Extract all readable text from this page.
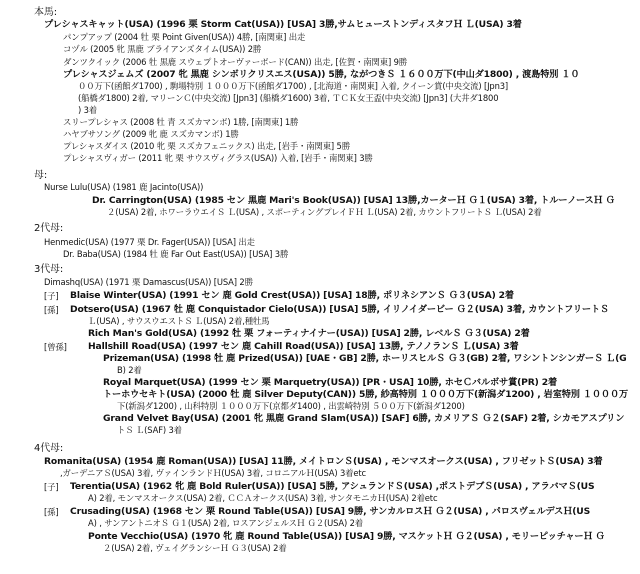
本馬:
プレシャスキャット(USA) (1996 栗 Storm Cat(USA)) [USA] 3勝,サムヒューストンディスタフＨ Ｌ(USA) 3着
パンプアップ (2004 牡 栗 Point Given(USA)) 4勝, [南関東] 出走
コヅル (2005 牝 黒鹿 ブライアンズタイム(USA)) 2勝
ダンツクイック (2006 牡 黒鹿 スウェプトオーヴァーボード(CAN)) 出走, [佐賀・南関東] 9勝
プレシャスジェムズ (2007 牝 黒鹿 シンボリクリスエス(USA)) 5勝, ながつきＳ １６００万下(中山ダ1800) , 渡島特別 １０
００万下(函館ダ1700) , 駒場特別 １０００万下(函館ダ1700) , [北海道・南関東] 入着, クイーン賞(中央交流) [Jpn3]
(船橋ダ1800) 2着, マリーンＣ(中央交流) [Jpn3] (船橋ダ1600) 3着, ＴＣＫ女王盃(中央交流) [Jpn3] (大井ダ1800
) 3着
スリープレシャス (2008 牡 青 スズカマンボ) 1勝, [南関東] 1勝
ハヤブサソング (2009 牝 鹿 スズカマンボ) 1勝
プレシャスダイス (2010 牝 栗 スズカフェニックス) 出走, [岩手・南関東] 5勝
プレシャスヴィガー (2011 牝 栗 サウスヴィグラス(USA)) 入着, [岩手・南関東] 3勝
母:
Nurse Lulu(USA) (1981 鹿 Jacinto(USA))
Dr. Carrington(USA) (1985 セン 黒鹿 Mari's Book(USA)) [USA] 13勝,カーターＨ Ｇ１(USA) 3着, トルーノースＨ Ｇ
２(USA) 2着, ホワーラウエイＳ Ｌ(USA) , スポーティングプレイＦＨ Ｌ(USA) 2着, カウントフリートＳ Ｌ(USA) 2着
2代母:
Henmedic(USA) (1977 栗 Dr. Fager(USA)) [USA] 出走
Dr. Baba(USA) (1984 牡 鹿 Far Out East(USA)) [USA] 3勝
3代母:
Dimashq(USA) (1971 栗 Damascus(USA)) [USA] 2勝
[子] Blaise Winter(USA) (1991 セン 鹿 Gold Crest(USA)) [USA] 18勝, ポリネシアンＳ Ｇ３(USA) 2着
[孫] Dotsero(USA) (1967 牡 鹿 Conquistador Cielo(USA)) [USA] 5勝, イリノイダービー Ｇ２(USA) 3着, カウントフリートＳ
Ｌ(USA) , サウスウエストＳ Ｌ(USA) 2着,種牡馬
Rich Man's Gold(USA) (1992 牡 栗 フォーティナイナー(USA)) [USA] 2勝, レベルＳ Ｇ３(USA) 2着
[曾孫] Hallshill Road(USA) (1997 セン 鹿 Cahill Road(USA)) [USA] 13勝, テノノランＳ Ｌ(USA) 3着
Prizeman(USA) (1998 牡 鹿 Prized(USA)) [UAE・GB] 2勝, ホーリスヒルＳ Ｇ３(GB) 2着, ワシントンシンガーＳ Ｌ(G
B) 2着
Royal Marquet(USA) (1999 セン 栗 Marquetry(USA)) [PR・USA] 10勝, ホセＣバルボサ賞(PR) 2着
トーホウセキト(USA) (2000 牡 鹿 Silver Deputy(CAN)) 5勝, 紗高特別 １０００万下(新潟ダ1200) , 岩室特別 １０００万
下(新潟ダ1200) , 山科特別 １０００万下(京都ダ1400) , 出雲崎特別 ５００万下(新潟ダ1200)
Grand Velvet Bay(USA) (2001 牝 黒鹿 Grand Slam(USA)) [SAF] 6勝, カメリアＳ Ｇ２(SAF) 2着, シカモアスプリン
トＳ Ｌ(SAF) 3着
4代母:
Romanita(USA) (1954 鹿 Roman(USA)) [USA] 11勝, メイトロンＳ(USA) , モンマスオークス(USA) , フリゼットＳ(USA) 3着
,ガーデニアＳ(USA) 3着, ヴァインランドＨ(USA) 3着, コロニアルＨ(USA) 3着etc
[子] Terentia(USA) (1962 牝 鹿 Bold Ruler(USA)) [USA] 5勝, アシュランドＳ(USA) ,ポストデブＳ(USA) , アラバマＳ(US
A) 2着, モンマスオークス(USA) 2着, ＣＣＡオークス(USA) 3着, サンタモニカＨ(USA) 2着etc
[孫] Crusading(USA) (1968 セン 栗 Round Table(USA)) [USA] 9勝, サンカルロスＨ Ｇ２(USA) , パロスヴェルデスＨ(US
A) , サンアントニオＳ Ｇ１(USA) 2着, ロスアンジェルスＨ Ｇ２(USA) 2着
Ponte Vecchio(USA) (1970 牝 鹿 Round Table(USA)) [USA] 9勝, マスケットＨ Ｇ２(USA) , モリーピッチャーＨ Ｇ
２(USA) 2着, ヴェイグランシーＨ Ｇ３(USA) 2着
